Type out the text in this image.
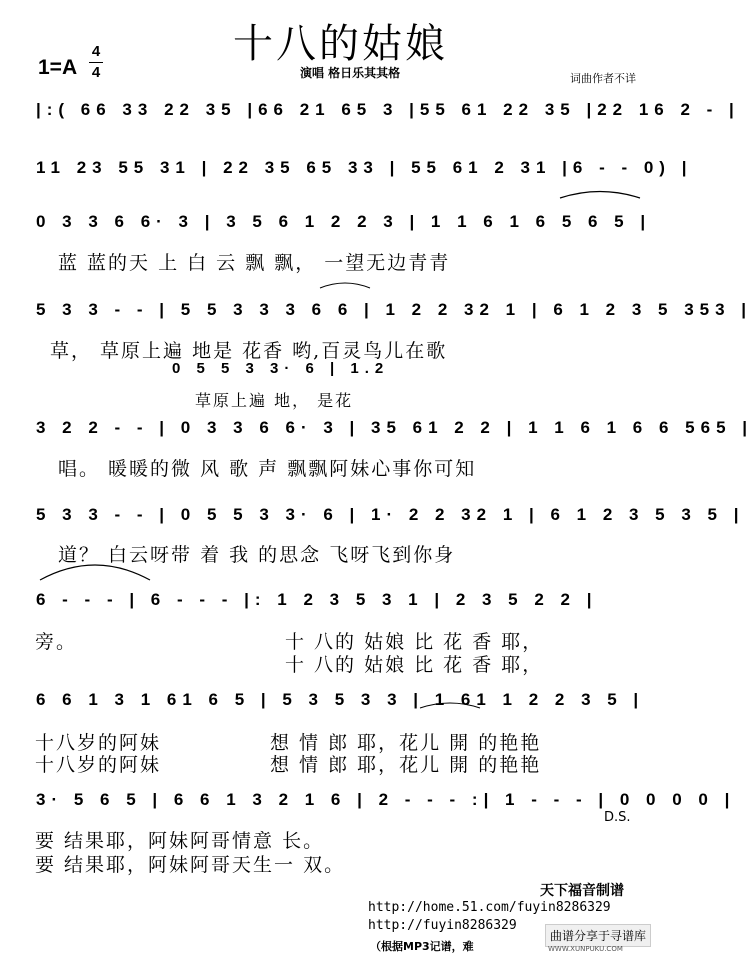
十八的姑娘
1=A
4
4	演唱 格日乐其其格	词曲作者不详
|:( 66 33 22 35 |66 21 65 3 |55 61 22 35 |22 16 2 - |
11 23 55 31 | 22 35 65 33 | 55 61 2 31 |6 - - 0) |
0 3 3 6 6· 3 | 3 5 6 1 2 2 3 | 1 1 6 1 6 5 6 5 |
蓝 蓝的天 上 白 云 飘 飘， 一望无边青青
5 3 3 - - | 5 5 3 3 3 6 6 | 1 2 2 32 1 | 6 1 2 3 5 353 |
草， 草原上遍 地是 花香 哟,百灵鸟儿在歌
0 5 5 3 3· 6 | 1.2
草原上遍 地， 是花
3 2 2 - - | 0 3 3 6 6· 3 | 35 61 2 2 | 1 1 6 1 6 6 565 |
唱。 暖暖的微 风 歌 声 飘飘阿妹心事你可知
5 3 3 - - | 0 5 5 3 3· 6 | 1· 2 2 32 1 | 6 1 2 3 5 3 5 |
道？ 白云呀带 着 我 的思念 飞呀飞到你身
6 - - - | 6 - - - |: 1 2 3 5 3 1 | 2 3 5 2 2 |
旁。	十 八的 姑娘 比 花 香 耶，
十 八的 姑娘 比 花 香 耶，
6 6 1 3 1 61 6 5 | 5 3 5 3 3 | 1 61 1 2 2 3 5 |
十八岁的阿妹	想 情 郎 耶，花儿 開 的艳艳
十八岁的阿妹	想 情 郎 耶，花儿 開 的艳艳
3· 5 6 5 | 6 6 1 3 2 1 6 | 2 - - - :| 1 - - - | 0 0 0 0 |
D.S.
要 结果耶，阿妹阿哥情意 长。
要 结果耶，阿妹阿哥天生一 双。
天下福音制谱
http://home.51.com/fuyin8286329
http://fuyin8286329
（根据MP3记谱，难
曲谱分享于寻谱库
WWW.XUNPUKU.COM
